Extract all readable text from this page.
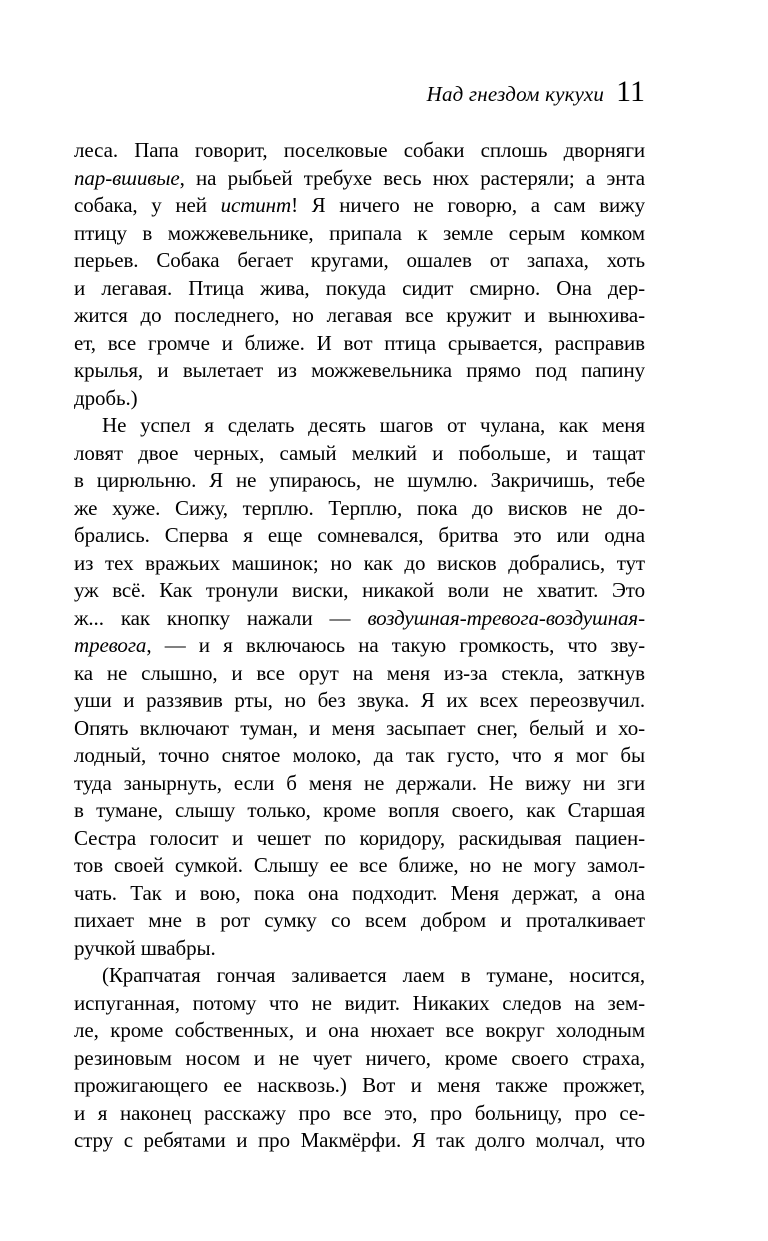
Над гнездом кукухи 11
леса. Папа говорит, поселковые собаки сплошь дворняги
пар-вшивые, на рыбьей требухе весь нюх растеряли; а энта
собака, у ней истинт! Я ничего не говорю, а сам вижу
птицу в можжевельнике, припала к земле серым комком
перьев. Собака бегает кругами, ошалев от запаха, хоть
и легавая. Птица жива, покуда сидит смирно. Она дер-
жится до последнего, но легавая все кружит и вынюхива-
ет, все громче и ближе. И вот птица срывается, расправив
крылья, и вылетает из можжевельника прямо под папину
дробь.)
Не успел я сделать десять шагов от чулана, как меня
ловят двое черных, самый мелкий и побольше, и тащат
в цирюльню. Я не упираюсь, не шумлю. Закричишь, тебе
же хуже. Сижу, терплю. Терплю, пока до висков не до-
брались. Сперва я еще сомневался, бритва это или одна
из тех вражьих машинок; но как до висков добрались, тут
уж всё. Как тронули виски, никакой воли не хватит. Это
ж... как кнопку нажали — воздушная-тревога-воздушная-
тревога, — и я включаюсь на такую громкость, что зву-
ка не слышно, и все орут на меня из-за стекла, заткнув
уши и раззявив рты, но без звука. Я их всех переозвучил.
Опять включают туман, и меня засыпает снег, белый и хо-
лодный, точно снятое молоко, да так густо, что я мог бы
туда занырнуть, если б меня не держали. Не вижу ни зги
в тумане, слышу только, кроме вопля своего, как Старшая
Сестра голосит и чешет по коридору, раскидывая пациен-
тов своей сумкой. Слышу ее все ближе, но не могу замол-
чать. Так и вою, пока она подходит. Меня держат, а она
пихает мне в рот сумку со всем добром и проталкивает
ручкой швабры.
(Крапчатая гончая заливается лаем в тумане, носится,
испуганная, потому что не видит. Никаких следов на зем-
ле, кроме собственных, и она нюхает все вокруг холодным
резиновым носом и не чует ничего, кроме своего страха,
прожигающего ее насквозь.) Вот и меня также прожжет,
и я наконец расскажу про все это, про больницу, про се-
стру с ребятами и про Макмёрфи. Я так долго молчал, что
